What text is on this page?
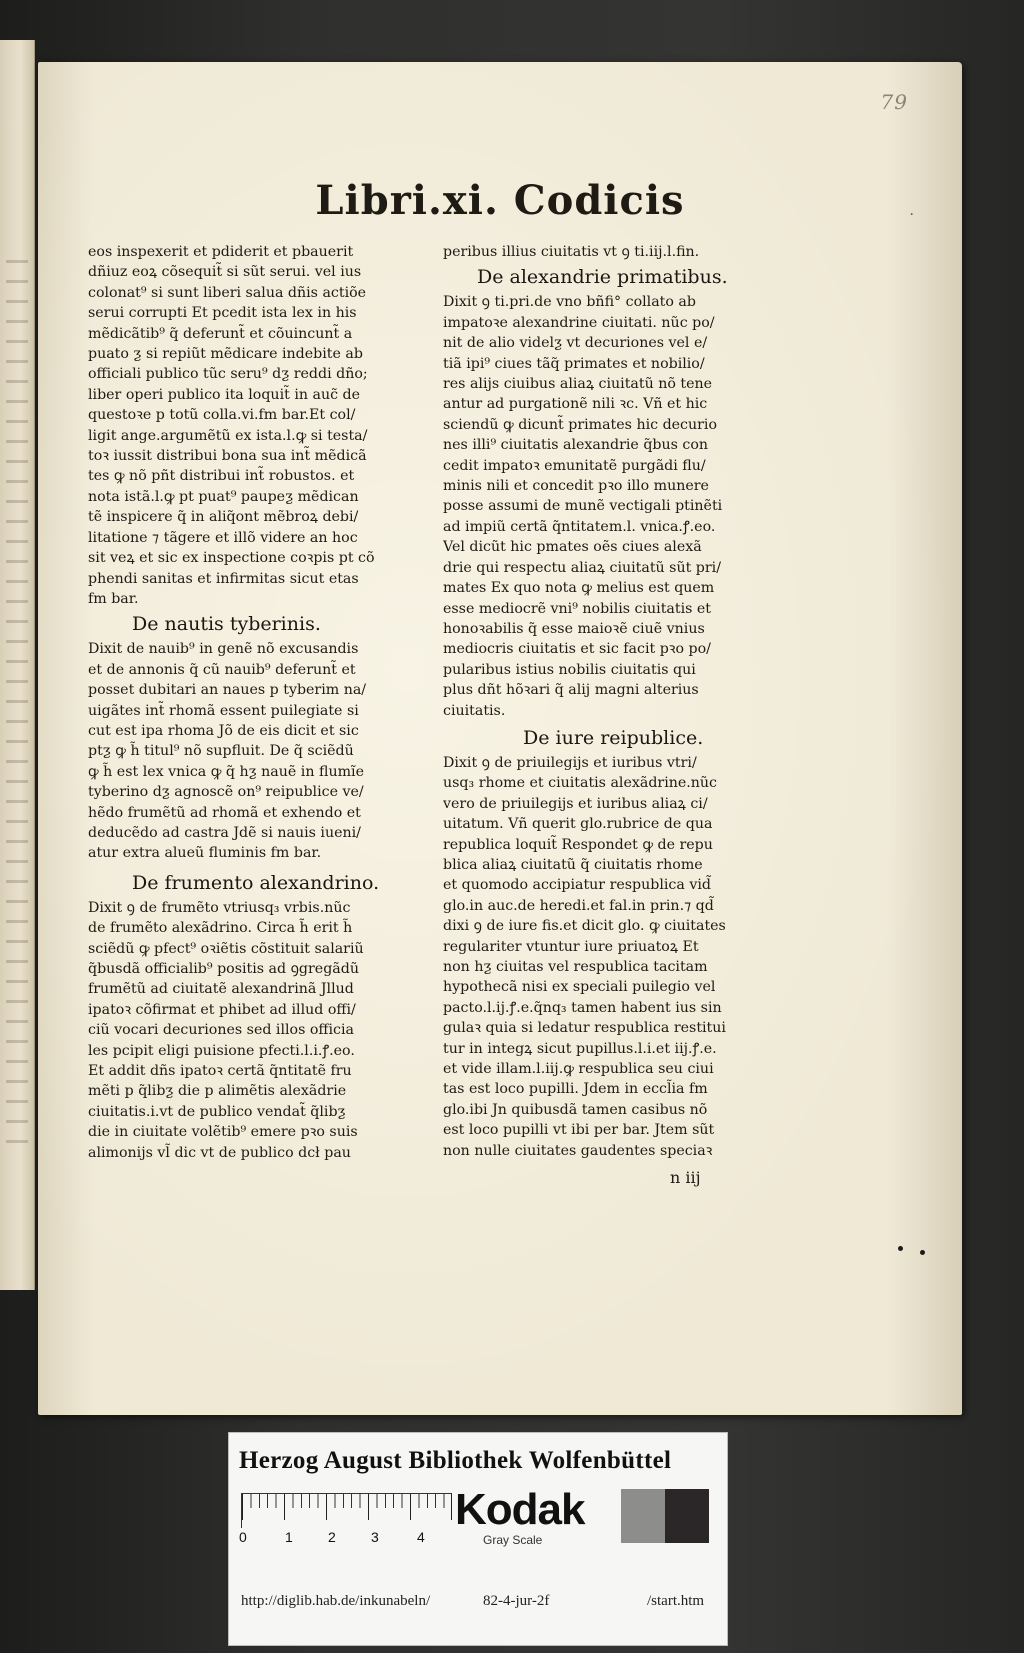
79
·
Libri.xi. Codicis

eos inspexerit et pdiderit et pbauerit
dñiuz eoꝝ cõsequit̃ si sũt serui. vel ius
colonat⁹ si sunt liberi salua dñis actiõe
serui corrupti Et pcedit ista lex in his
mẽdicãtib⁹ q̃ deferunt̃ et cõuincunt̃ a
puato ƺ si repiũt mẽdicare indebite ab
officiali publico tũc seru⁹ dƺ reddi dño;
liber operi publico ita loquit̃ in auc̃ de
questoꝛe p totũ colla.vi.fm bar.Et col/
ligit ange.argumẽtũ ex ista.l.ꝙ si testa/
toꝛ iussit distribui bona sua int̃ mẽdicã
tes ꝙ nõ pñt distribui int̃ robustos. et
nota istã.l.ꝙ pt puat⁹ paupeƺ mẽdican
tẽ inspicere q̃ in aliq̃ont mẽbroꝝ debi/
litatione ⁊ tãgere et illõ videre an hoc
sit veꝝ et sic ex inspectione coꝛpis pt cõ
phendi sanitas et infirmitas sicut etas
fm bar.

De nautis tyberinis.

Dixit de nauib⁹ in genẽ nõ excusandis
et de annonis q̃ cũ nauib⁹ deferunt̃ et
posset dubitari an naues p tyberim na/
uigãtes int̃ rhomã essent puilegiate si
cut est ipa rhoma Jõ de eis dicit et sic
ptƺ ꝙ h̃ titul⁹ nõ supfluit. De q̃ sciẽdũ
ꝙ h̃ est lex vnica ꝙ q̃ hƺ nauẽ in flumĩe
tyberino dƺ agnoscẽ on⁹ reipublice ve/
hẽdo frumẽtũ ad rhomã et exhendo et
deducẽdo ad castra Jdẽ si nauis iueni/
atur extra alueũ fluminis fm bar.

De frumento alexandrino.

Dixit ꝯ de frumẽto vtriusq₃ vrbis.nũc
de frumẽto alexãdrino. Circa h̃ erit h̃
sciẽdũ ꝙ pfect⁹ oꝛiẽtis cõstituit salariũ
q̃busdã officialib⁹ positis ad ꝯgregãdũ
frumẽtũ ad ciuitatẽ alexandrinã Jllud
ipatoꝛ cõfirmat et phibet ad illud offi/
ciũ vocari decuriones sed illos officia
les pcipit eligi puisione pfecti.l.i.ꝭ.eo.
Et addit dñs ipatoꝛ certã q̃ntitatẽ fru
mẽti p q̃libƺ die p alimẽtis alexãdrie
ciuitatis.i.vt de publico vendat̃ q̃libƺ
die in ciuitate volẽtib⁹ emere pꝛo suis
alimonijs vl̃ dic vt de publico dcł pau

peribus illius ciuitatis vt ꝯ ti.iij.l.fin.

De alexandrie primatibus.

Dixit ꝯ ti.pri.de vno bñfi° collato ab
impatoꝛe alexandrine ciuitati. nũc po/
nit de alio videlƺ vt decuriones vel e/
tiã ipi⁹ ciues tãq̃ primates et nobilio/
res alijs ciuibus aliaꝝ ciuitatũ nõ tene
antur ad purgationẽ nili ꝛc. Vñ et hic
sciendũ ꝙ dicunt̃ primates hic decurio
nes illi⁹ ciuitatis alexandrie q̃bus con
cedit impatoꝛ emunitatẽ purgãdi flu/
minis nili et concedit pꝛo illo munere
posse assumi de munẽ vectigali ptinẽti
ad impiũ certã q̃ntitatem.l. vnica.ꝭ.eo.
Vel dicũt hic pmates oẽs ciues alexã
drie qui respectu aliaꝝ ciuitatũ sũt pri/
mates Ex quo nota ꝙ melius est quem
esse mediocrẽ vni⁹ nobilis ciuitatis et
honoꝛabilis q̃ esse maioꝛẽ ciuẽ vnius
mediocris ciuitatis et sic facit pꝛo po/
pularibus istius nobilis ciuitatis qui
plus dñt hõꝛari q̃ alij magni alterius
ciuitatis.

De iure reipublice.

Dixit ꝯ de priuilegijs et iuribus vtri/
usq₃ rhome et ciuitatis alexãdrine.nũc
vero de priuilegijs et iuribus aliaꝝ ci/
uitatum. Vñ querit glo.rubrice de qua
republica loquit̃ Respondet ꝙ de repu
blica aliaꝝ ciuitatũ q̃ ciuitatis rhome
et quomodo accipiatur respublica vid̃
glo.in auc.de heredi.et fal.in prin.⁊ qd̃
dixi ꝯ de iure fis.et dicit glo. ꝙ ciuitates
regulariter vtuntur iure priuatoꝝ Et
non hƺ ciuitas vel respublica tacitam
hypothecã nisi ex speciali puilegio vel
pacto.l.ij.ꝭ.e.q̃nq₃ tamen habent ius sin
gulaꝛ quia si ledatur respublica restitui
tur in integꝝ sicut pupillus.l.i.et iij.ꝭ.e.
et vide illam.l.iij.ꝙ respublica seu ciui
tas est loco pupilli. Jdem in eccl̃ia fm
glo.ibi Jn quibusdã tamen casibus nõ
est loco pupilli vt ibi per bar. Jtem sũt
non nulle ciuitates gaudentes speciaꝛ

n iij
Herzog August Bibliothek Wolfenbüttel
0	1	2	3	4
Kodak
Gray Scale
http://diglib.hab.de/inkunabeln/	82-4-jur-2f	/start.htm
